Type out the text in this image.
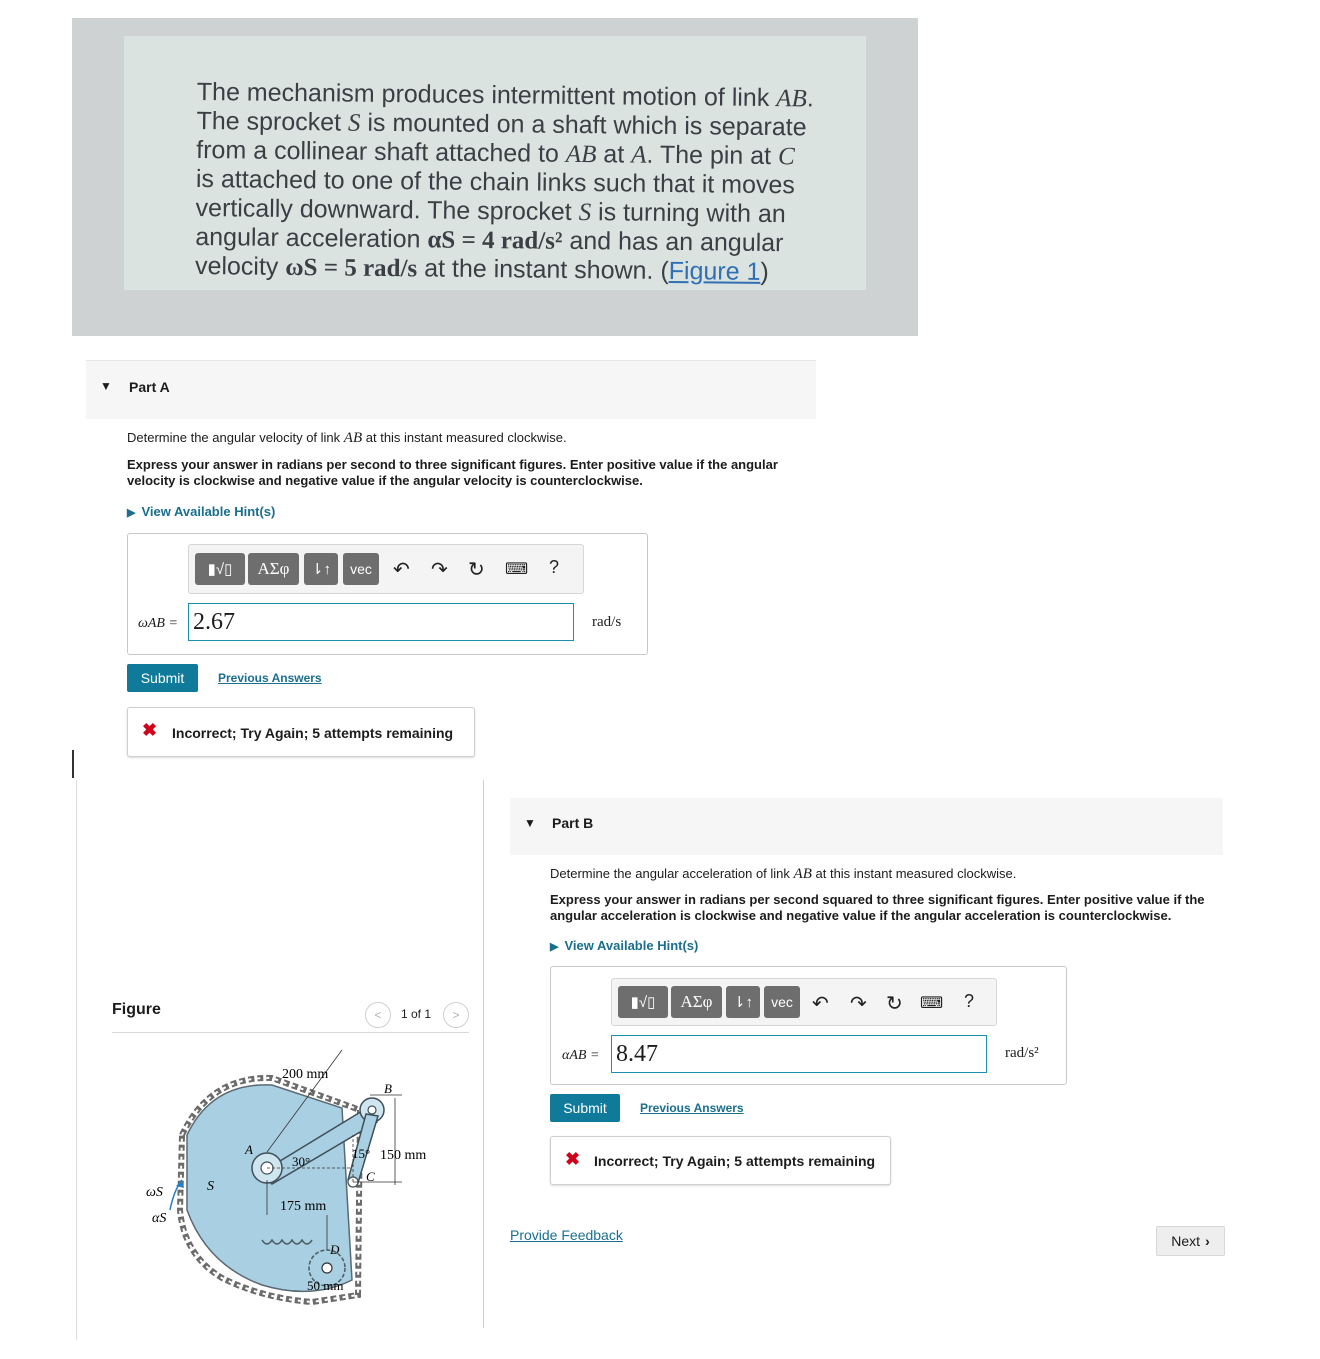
The mechanism produces intermittent motion of link AB.
The sprocket S is mounted on a shaft which is separate
from a collinear shaft attached to AB at A. The pin at C
is attached to one of the chain links such that it moves
vertically downward. The sprocket S is turning with an
angular acceleration αS = 4 rad/s² and has an angular
velocity ωS = 5 rad/s at the instant shown. (Figure 1)
▼ Part A
Determine the angular velocity of link AB at this instant measured clockwise.
Express your answer in radians per second to three significant figures. Enter positive value if the angular velocity is clockwise and negative value if the angular velocity is counterclockwise.
▶ View Available Hint(s)
▮√▯	ΑΣφ	⇂↑	vec	↶ ↷ ↻ ⌨ ?
ωAB = 2.67	rad/s
Submit	Previous Answers
✖ Incorrect; Try Again; 5 attempts remaining
Figure	<	1 of 1	>
200 mm
150 mm
175 mm
50 mm
30°
15°
A
B
C
D
S
ωS
αS
▼ Part B
Determine the angular acceleration of link AB at this instant measured clockwise.
Express your answer in radians per second squared to three significant figures. Enter positive value if the angular acceleration is clockwise and negative value if the angular acceleration is counterclockwise.
▶ View Available Hint(s)
▮√▯	ΑΣφ	⇂↑	vec ↶ ↷ ↻ ⌨ ?
αAB = 8.47	rad/s²
Submit	Previous Answers
✖ Incorrect; Try Again; 5 attempts remaining
Provide Feedback	Next ›
